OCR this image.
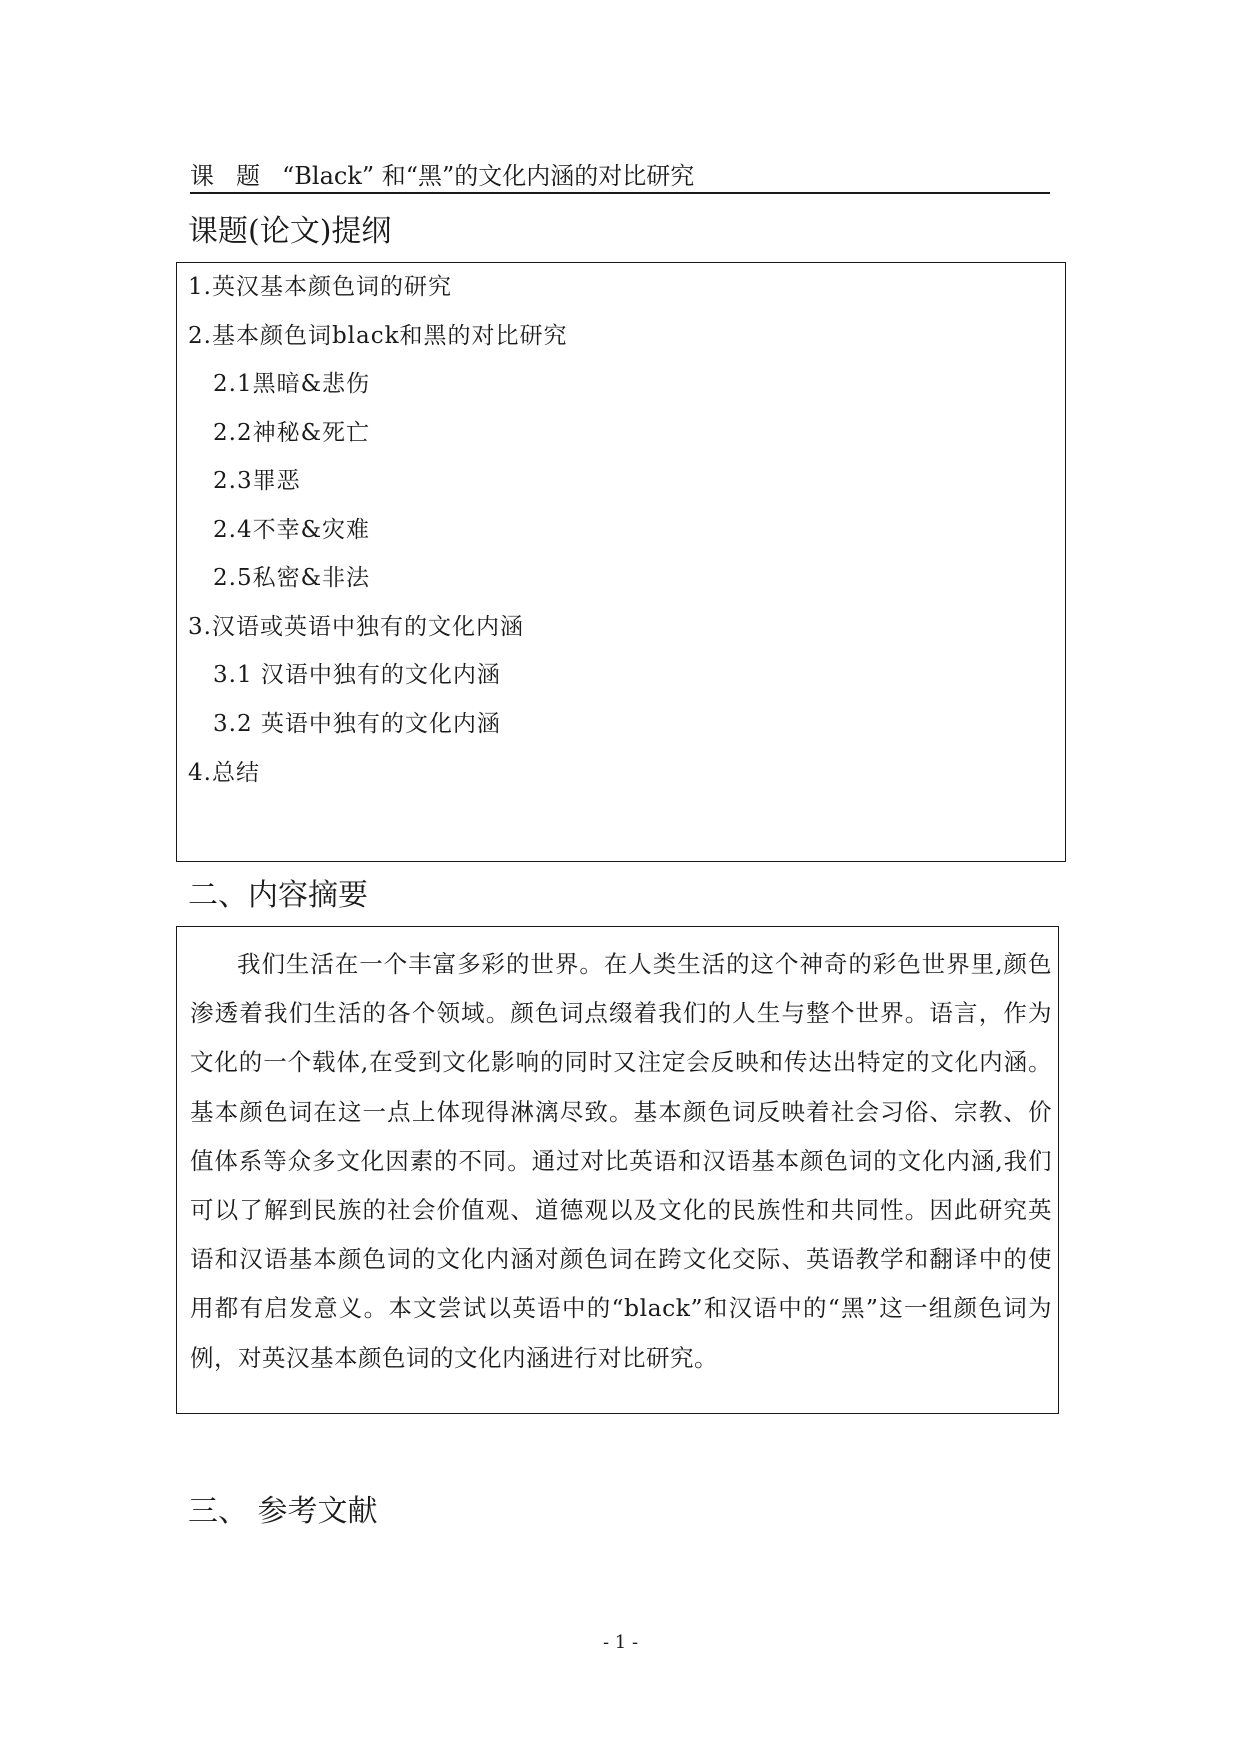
课题“Black” 和“黑”的文化内涵的对比研究
课题(论文)提纲
1.英汉基本颜色词的研究
2.基本颜色词black和黑的对比研究
2.1黑暗&悲伤
2.2神秘&死亡
2.3罪恶
2.4不幸&灾难
2.5私密&非法
3.汉语或英语中独有的文化内涵
3.1 汉语中独有的文化内涵
3.2 英语中独有的文化内涵
4.总结
二、内容摘要
我们生活在一个丰富多彩的世界。在人类生活的这个神奇的彩色世界里,颜色渗透着我们生活的各个领域。颜色词点缀着我们的人生与整个世界。语言，作为文化的一个载体,在受到文化影响的同时又注定会反映和传达出特定的文化内涵。基本颜色词在这一点上体现得淋漓尽致。基本颜色词反映着社会习俗、宗教、价值体系等众多文化因素的不同。通过对比英语和汉语基本颜色词的文化内涵,我们可以了解到民族的社会价值观、道德观以及文化的民族性和共同性。因此研究英语和汉语基本颜色词的文化内涵对颜色词在跨文化交际、英语教学和翻译中的使用都有启发意义。本文尝试以英语中的“black”和汉语中的“黑”这一组颜色词为例，对英汉基本颜色词的文化内涵进行对比研究。
三、 参考文献
- 1 -
